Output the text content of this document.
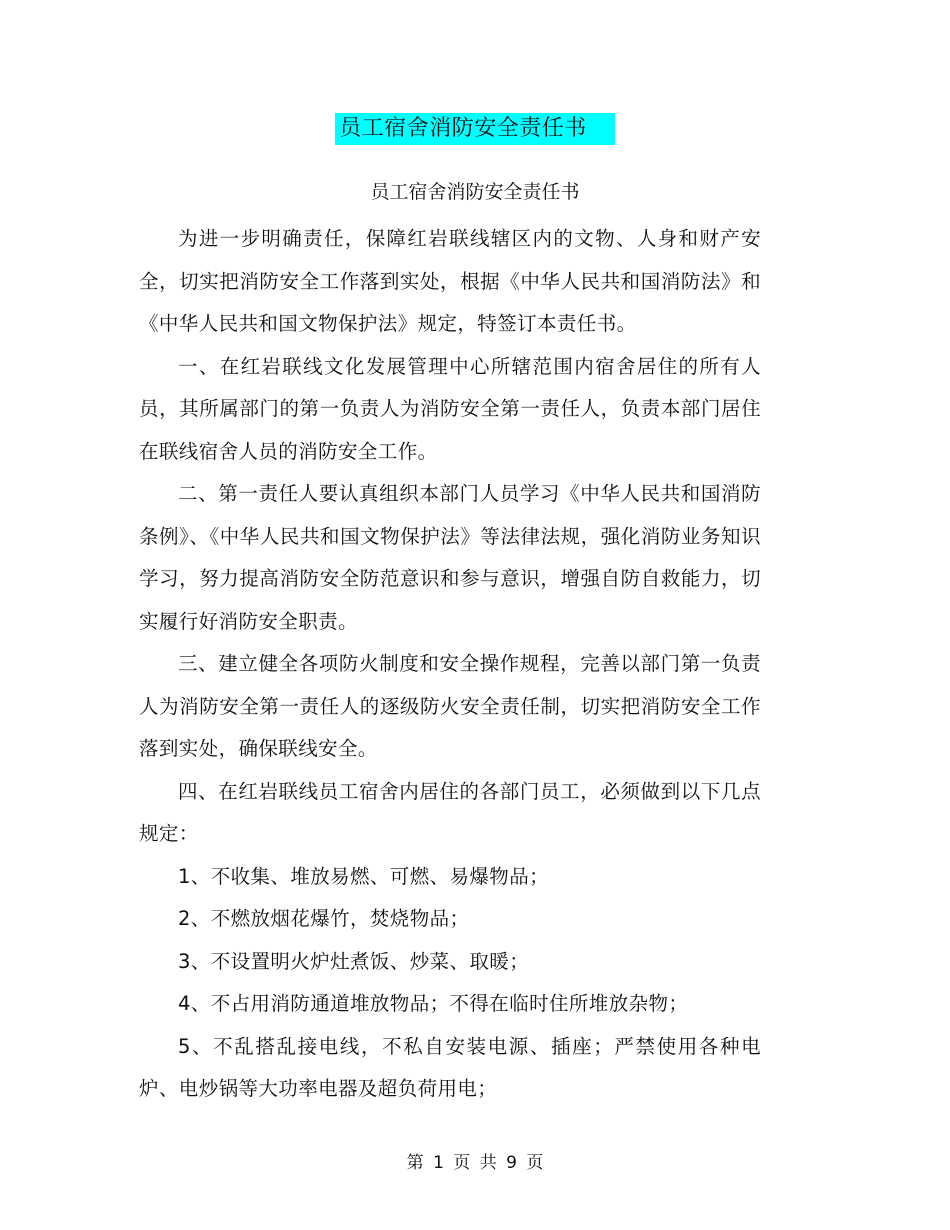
员工宿舍消防安全责任书
员工宿舍消防安全责任书

为进一步明确责任，保障红岩联线辖区内的文物、人身和财产安全，切实把消防安全工作落到实处，根据《中华人民共和国消防法》和《中华人民共和国文物保护法》规定，特签订本责任书。

一、在红岩联线文化发展管理中心所辖范围内宿舍居住的所有人员，其所属部门的第一负责人为消防安全第一责任人，负责本部门居住在联线宿舍人员的消防安全工作。

二、第一责任人要认真组织本部门人员学习《中华人民共和国消防条例》、《中华人民共和国文物保护法》等法律法规，强化消防业务知识学习，努力提高消防安全防范意识和参与意识，增强自防自救能力，切实履行好消防安全职责。

三、建立健全各项防火制度和安全操作规程，完善以部门第一负责人为消防安全第一责任人的逐级防火安全责任制，切实把消防安全工作落到实处，确保联线安全。

四、在红岩联线员工宿舍内居住的各部门员工，必须做到以下几点规定：

1、不收集、堆放易燃、可燃、易爆物品；

2、不燃放烟花爆竹，焚烧物品；

3、不设置明火炉灶煮饭、炒菜、取暖；

4、不占用消防通道堆放物品；不得在临时住所堆放杂物；

5、不乱搭乱接电线，不私自安装电源、插座；严禁使用各种电炉、电炒锅等大功率电器及超负荷用电；

第 1 页 共 9 页
